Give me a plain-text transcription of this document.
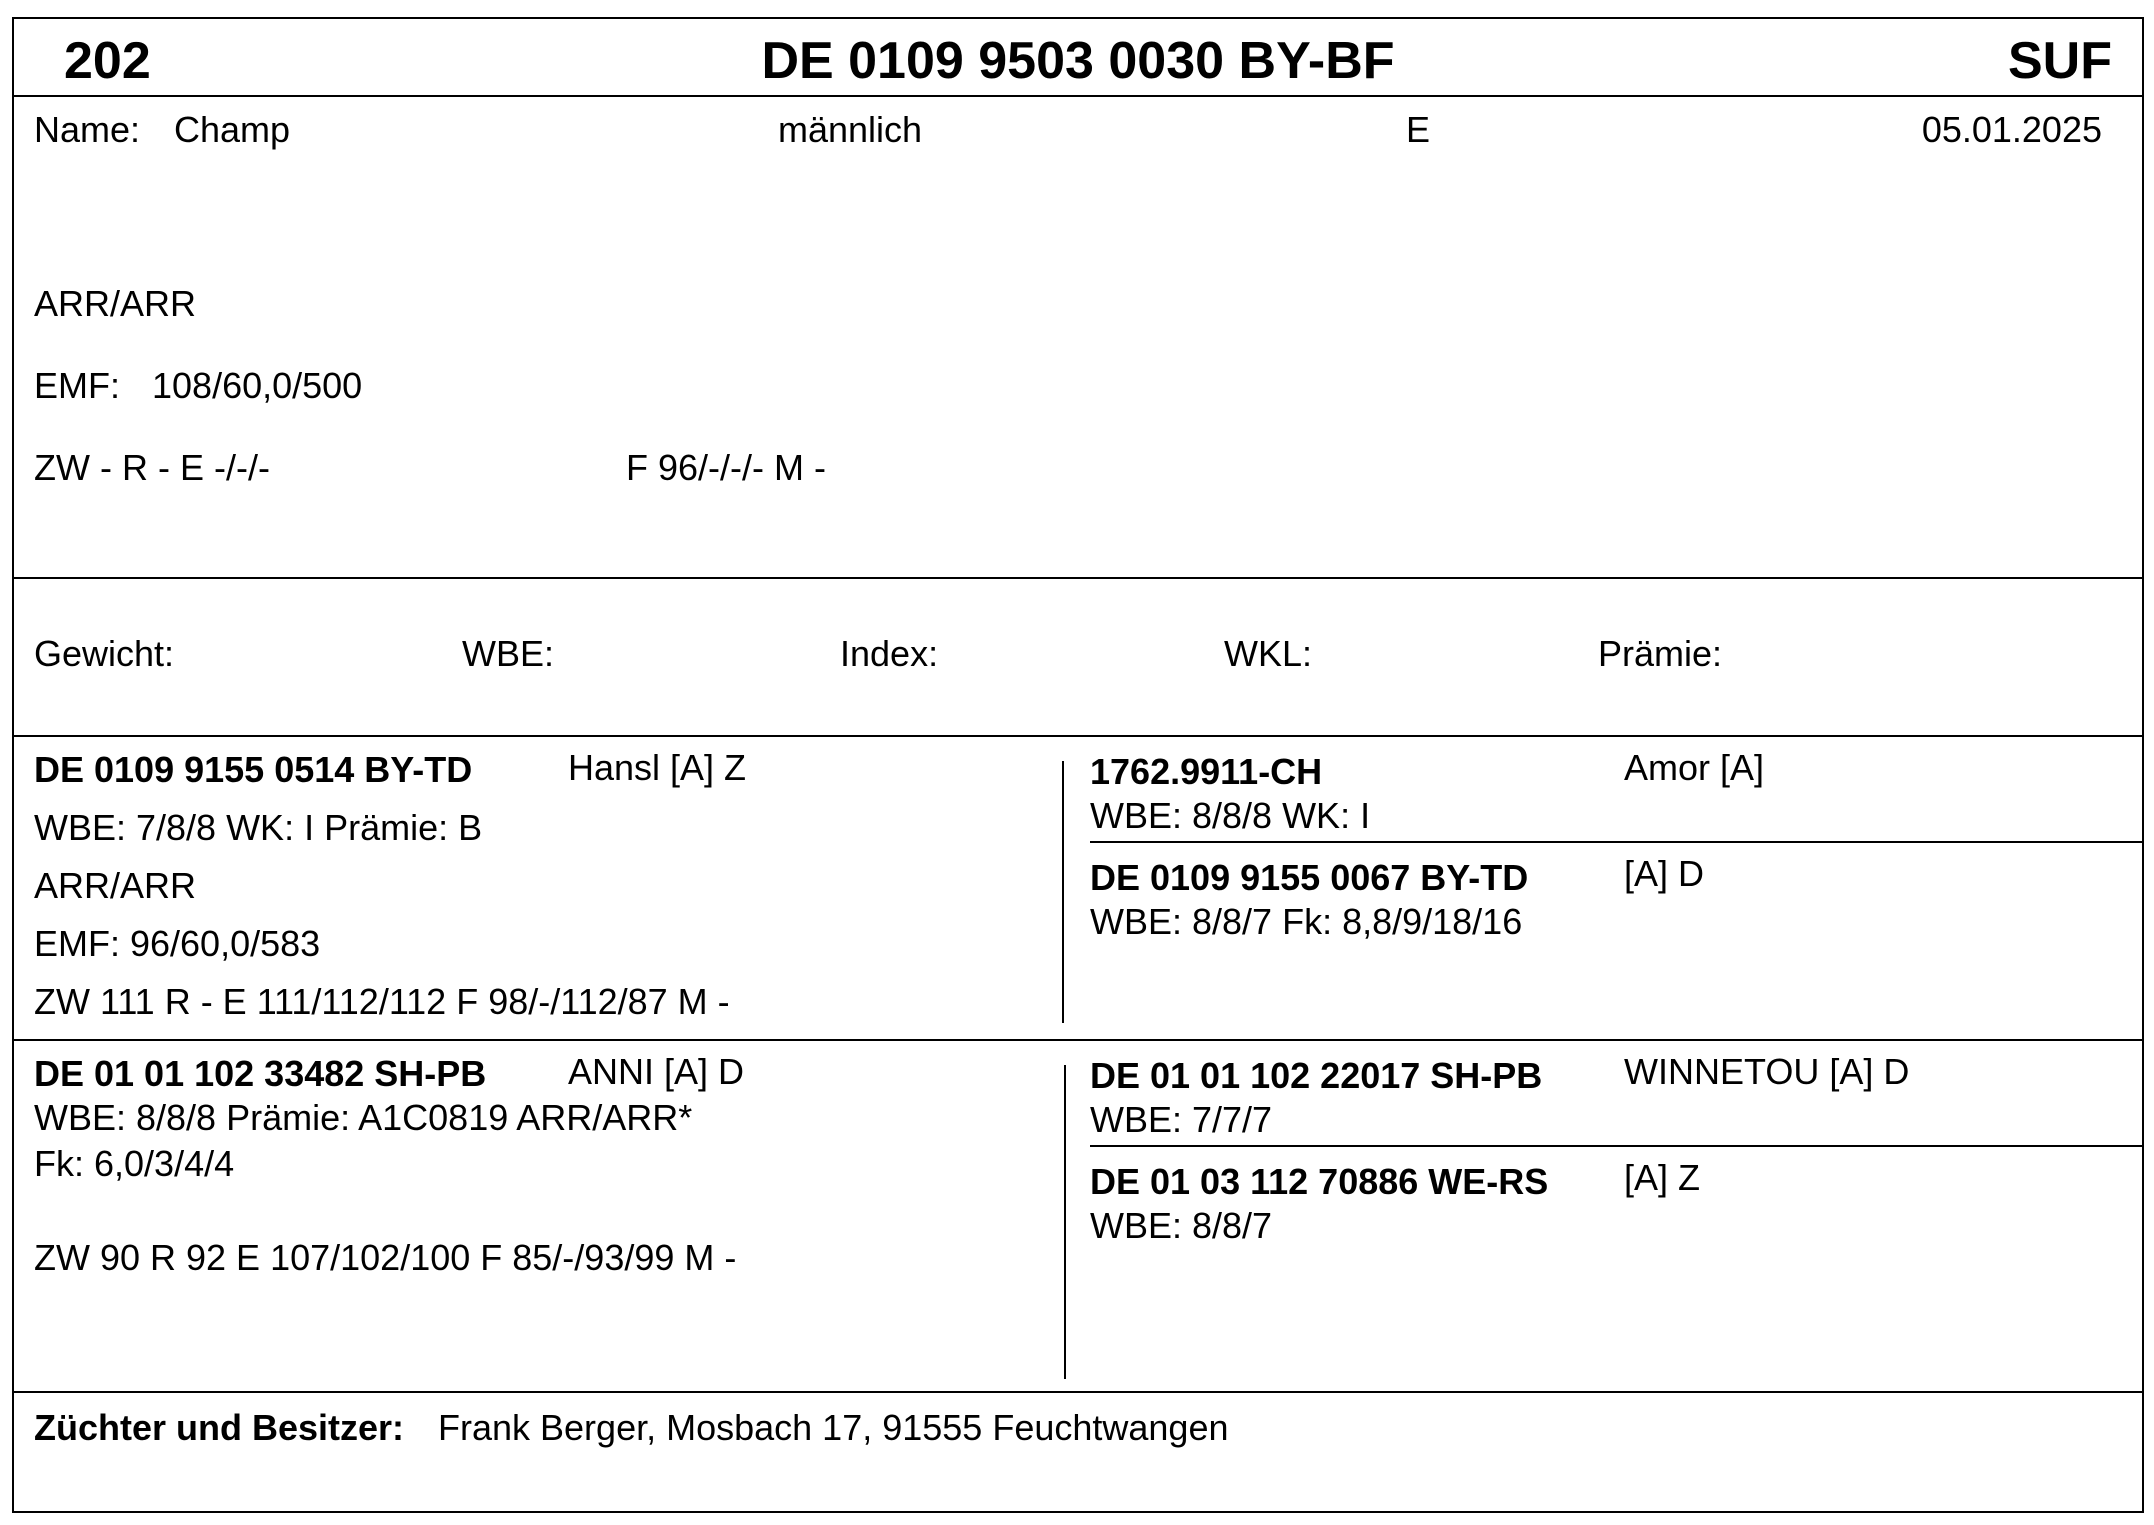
202	DE 0109 9503 0030 BY-BF	SUF
Name: Champ	männlich	E	05.01.2025
ARR/ARR
EMF: 108/60,0/500
ZW - R - E -/-/-	F 96/-/-/- M -
Gewicht:	WBE:	Index:	WKL:	Prämie:
DE 0109 9155 0514 BY-TD	Hansl [A] Z
WBE: 7/8/8 WK: I Prämie: B
ARR/ARR
EMF: 96/60,0/583
ZW 111 R - E 111/112/112 F 98/-/112/87 M -
1762.9911-CH	Amor [A]
WBE: 8/8/8 WK: I
DE 0109 9155 0067 BY-TD	[A] D
WBE: 8/8/7 Fk: 8,8/9/18/16
DE 01 01 102 33482 SH-PB ANNI [A] D
WBE: 8/8/8 Prämie: A1C0819 ARR/ARR*
Fk: 6,0/3/4/4
ZW 90 R 92 E 107/102/100 F 85/-/93/99 M -
DE 01 01 102 22017 SH-PB WINNETOU [A] D
WBE: 7/7/7
DE 01 03 112 70886 WE-RS [A] Z
WBE: 8/8/7
Züchter und Besitzer: Frank Berger, Mosbach 17, 91555 Feuchtwangen
